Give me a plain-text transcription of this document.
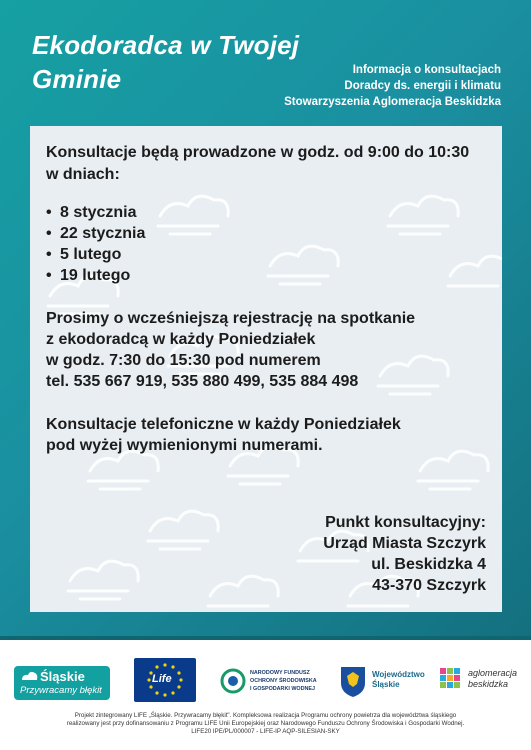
Ekodoradca w Twojej
Gminie	Informacja o konsultacjach
Doradcy ds. energii i klimatu
Stowarzyszenia Aglomeracja Beskidzka

Konsultacje będą prowadzone w godz. od 9:00 do 10:30
w dniach:

• 8 stycznia
• 22 stycznia
• 5 lutego
• 19 lutego

Prosimy o wcześniejszą rejestrację na spotkanie
z ekodoradcą w każdy Poniedziałek
w godz. 7:30 do 15:30 pod numerem
tel. 535 667 919, 535 880 499, 535 884 498

Konsultacje telefoniczne w każdy Poniedziałek
pod wyżej wymienionymi numerami.

Punkt konsultacyjny:
Urząd Miasta Szczyrk
ul. Beskidzka 4
43-370 Szczyrk
Śląskie
Przywracamy błękit
Life	NARODOWY FUNDUSZ
OCHRONY ŚRODOWISKA
I GOSPODARKI WODNEJ
Województwo
Śląskie
aglomeracja
beskidzka
Projekt zintegrowany LIFE „Śląskie. Przywracamy błękit". Kompleksowa realizacja Programu ochrony powietrza dla województwa śląskiego
realizowany jest przy dofinansowaniu z Programu LIFE Unii Europejskiej oraz Narodowego Funduszu Ochrony Środowiska i Gospodarki Wodnej.
LIFE20 IPE/PL/000007 - LIFE-IP AQP-SILESIAN-SKY
